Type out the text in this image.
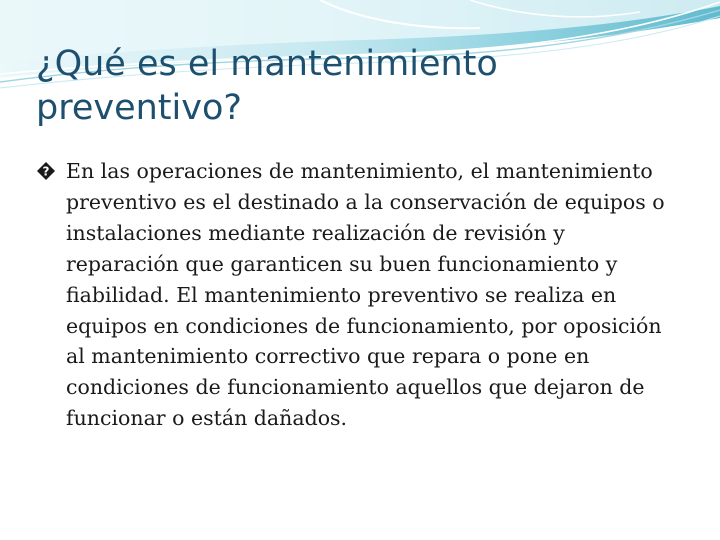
¿Qué es el mantenimiento preventivo?

? En las operaciones de mantenimiento, el mantenimiento preventivo es el destinado a la conservación de equipos o instalaciones mediante realización de revisión y reparación que garanticen su buen funcionamiento y fiabilidad. El mantenimiento preventivo se realiza en equipos en condiciones de funcionamiento, por oposición al mantenimiento correctivo que repara o pone en condiciones de funcionamiento aquellos que dejaron de funcionar o están dañados.
